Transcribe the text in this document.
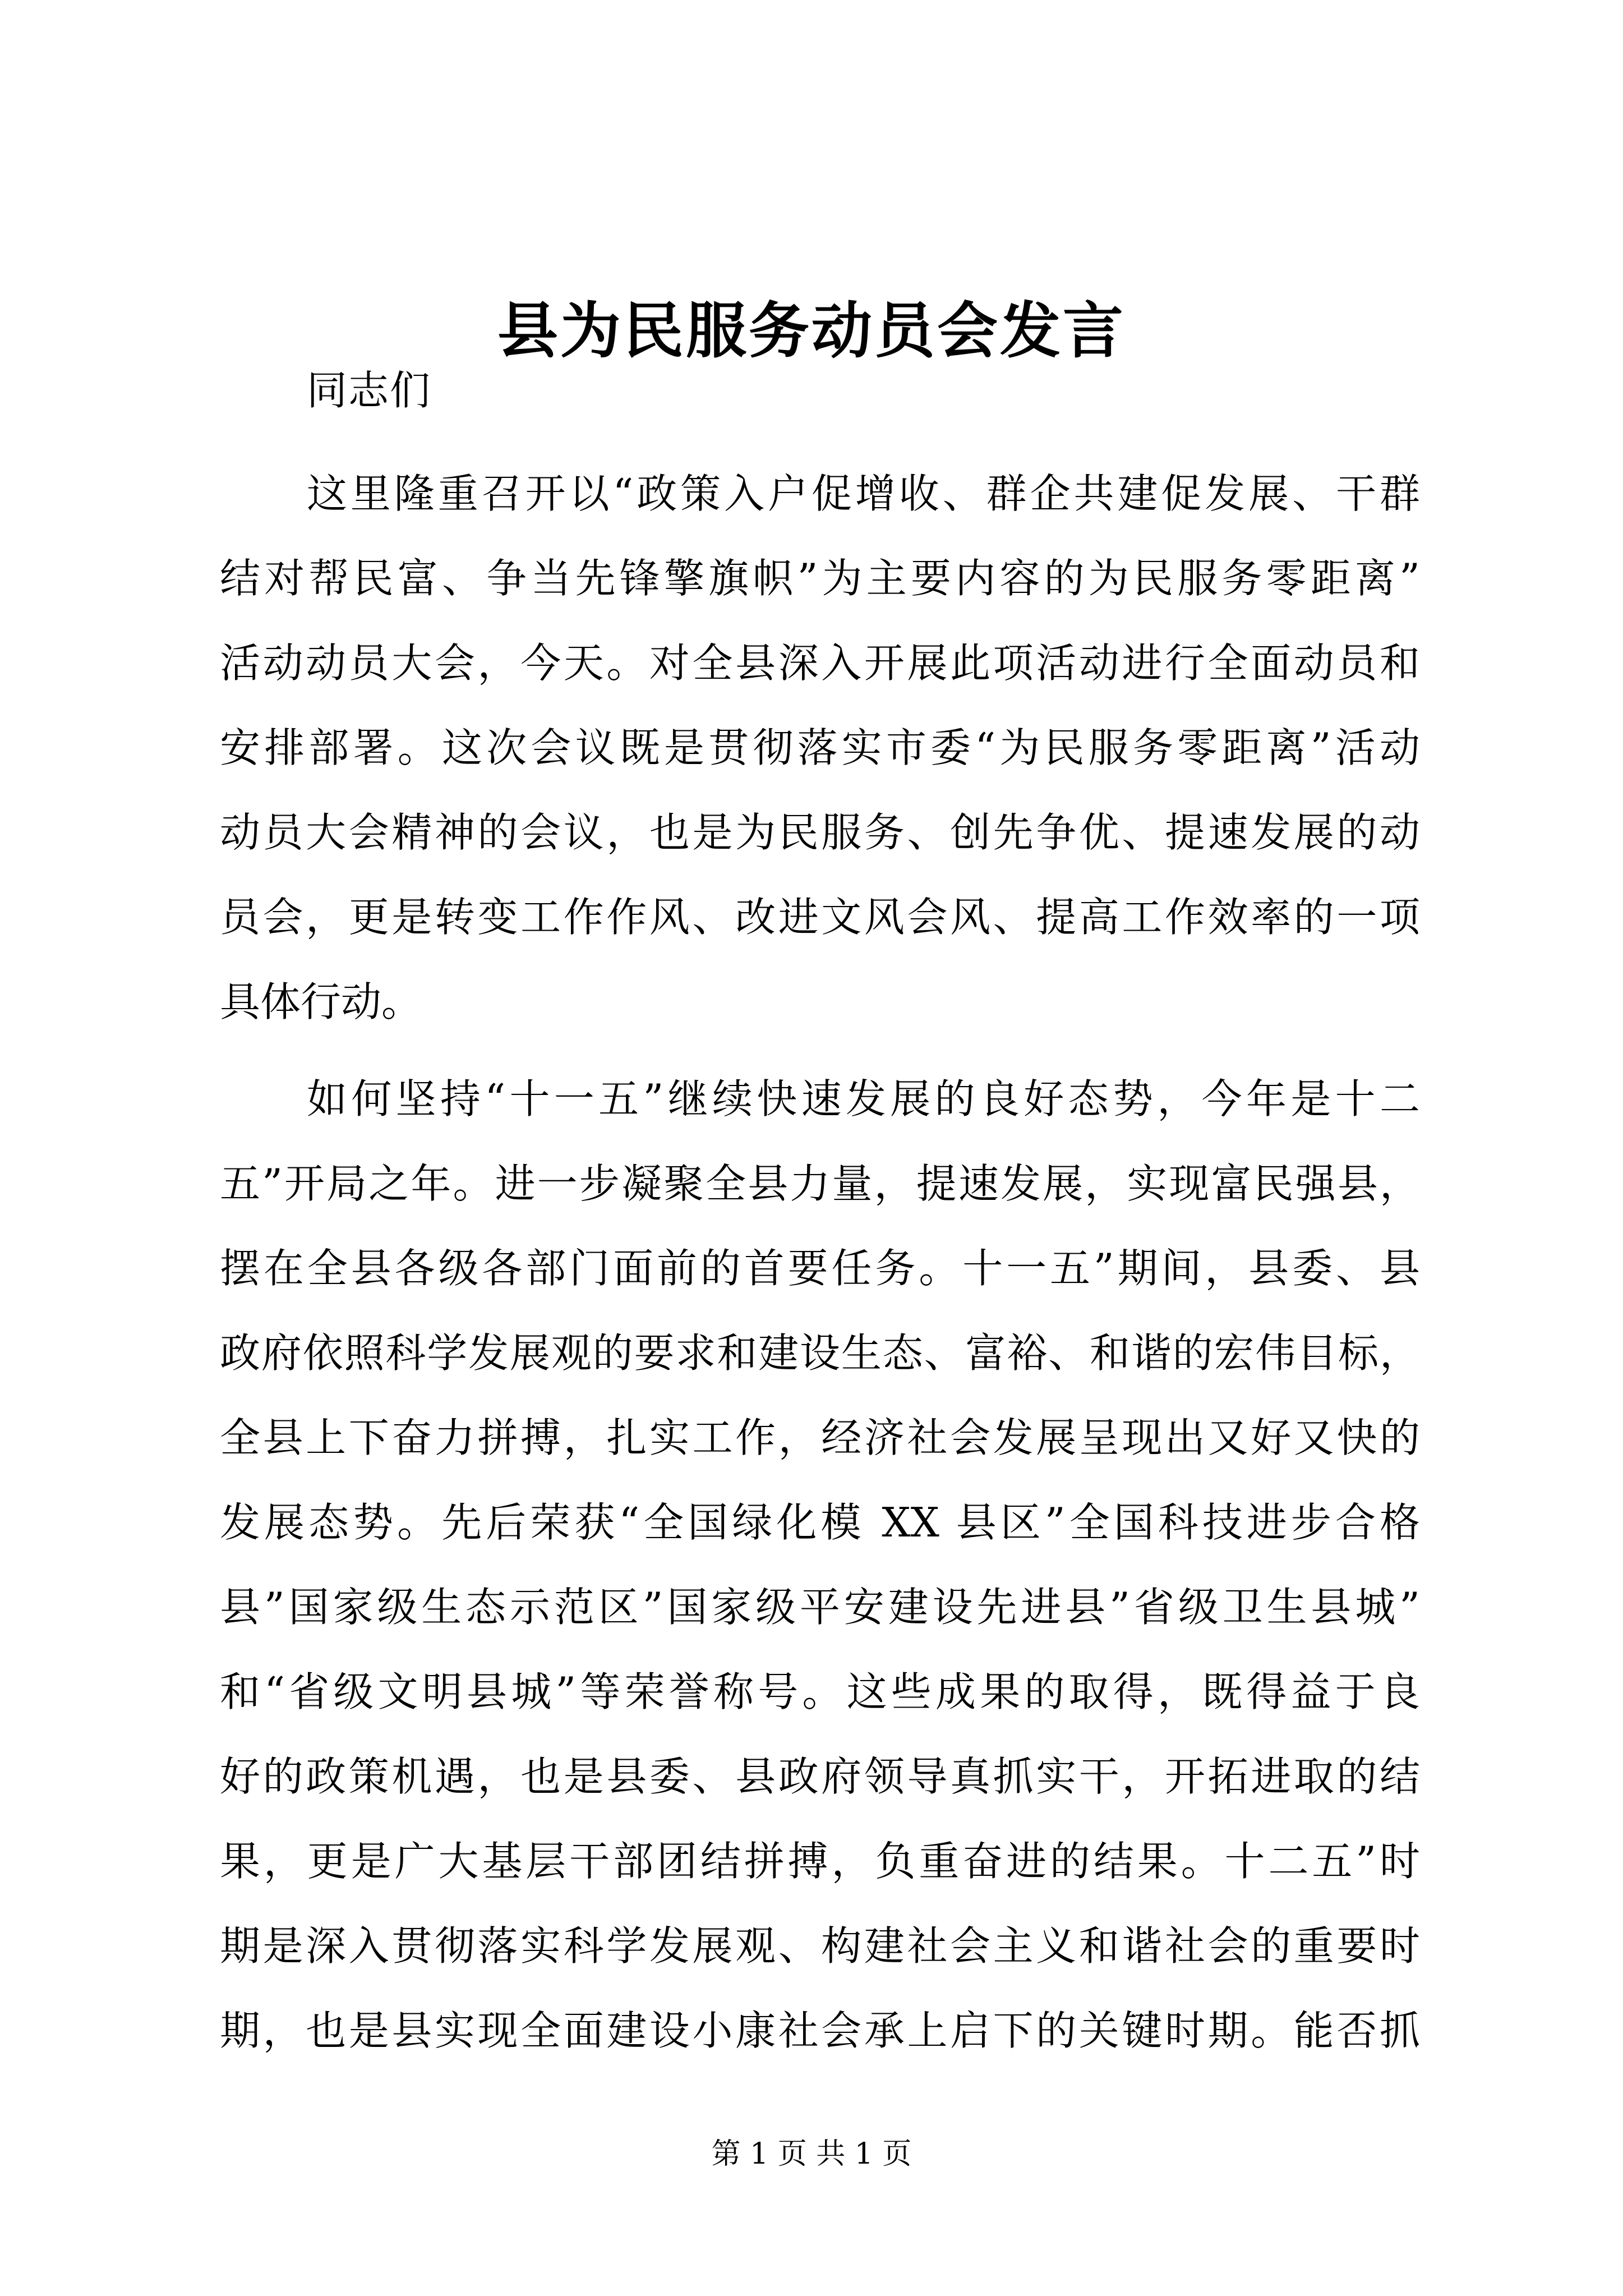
县为民服务动员会发言
同志们
这里隆重召开以“政策入户促增收、群企共建促发展、干群
结对帮民富、争当先锋擎旗帜”为主要内容的为民服务零距离”
活动动员大会，今天。对全县深入开展此项活动进行全面动员和
安排部署。这次会议既是贯彻落实市委“为民服务零距离”活动
动员大会精神的会议，也是为民服务、创先争优、提速发展的动
员会，更是转变工作作风、改进文风会风、提高工作效率的一项
具体行动。
如何坚持“十一五”继续快速发展的良好态势，今年是十二
五”开局之年。进一步凝聚全县力量，提速发展，实现富民强县，
摆在全县各级各部门面前的首要任务。十一五”期间，县委、县
政府依照科学发展观的要求和建设生态、富裕、和谐的宏伟目标，
全县上下奋力拼搏，扎实工作，经济社会发展呈现出又好又快的
发展态势。先后荣获“全国绿化模 XX 县区”全国科技进步合格
县”国家级生态示范区”国家级平安建设先进县”省级卫生县城”
和“省级文明县城”等荣誉称号。这些成果的取得，既得益于良
好的政策机遇，也是县委、县政府领导真抓实干，开拓进取的结
果，更是广大基层干部团结拼搏，负重奋进的结果。十二五”时
期是深入贯彻落实科学发展观、构建社会主义和谐社会的重要时
期，也是县实现全面建设小康社会承上启下的关键时期。能否抓
第 1 页 共 1 页
